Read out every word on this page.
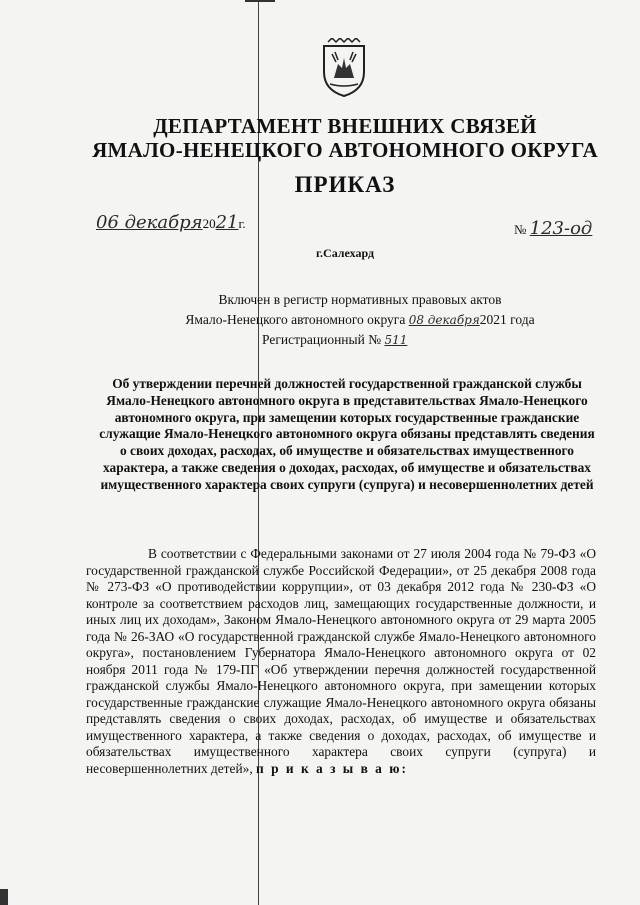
ДЕПАРТАМЕНТ ВНЕШНИХ СВЯЗЕЙ
ЯМАЛО-НЕНЕЦКОГО АВТОНОМНОГО ОКРУГА
ПРИКАЗ
06 декабря2021г.	№ 123-од
г.Салехард
Включен в регистр нормативных правовых актов
Ямало-Ненецкого автономного округа 08 декабря2021 года
Регистрационный № 511
Об утверждении перечней должностей государственной гражданской службы Ямало-Ненецкого автономного округа в представительствах Ямало-Ненецкого автономного округа, при замещении которых государственные гражданские служащие Ямало-Ненецкого автономного округа обязаны представлять сведения о своих доходах, расходах, об имуществе и обязательствах имущественного характера, а также сведения о доходах, расходах, об имуществе и обязательствах имущественного характера своих супруги (супруга) и несовершеннолетних детей
В соответствии с Федеральными законами от 27 июля 2004 года № 79-ФЗ «О государственной гражданской службе Российской Федерации», от 25 декабря 2008 года № 273-ФЗ «О противодействии коррупции», от 03 декабря 2012 года № 230-ФЗ «О контроле за соответствием расходов лиц, замещающих государственные должности, и иных лиц их доходам», Законом Ямало-Ненецкого автономного округа от 29 марта 2005 года № 26-ЗАО «О государственной гражданской службе Ямало-Ненецкого автономного округа», постановлением Губернатора Ямало-Ненецкого автономного округа от 02 ноября 2011 года № 179-ПГ «Об утверждении перечня должностей государственной гражданской службы Ямало-Ненецкого автономного округа, при замещении которых государственные гражданские служащие Ямало-Ненецкого автономного округа обязаны представлять сведения о своих доходах, расходах, об имуществе и обязательствах имущественного характера, а также сведения о доходах, расходах, об имуществе и обязательствах имущественного характера своих супруги (супруга) и несовершеннолетних детей», п р и к а з ы в а ю:
